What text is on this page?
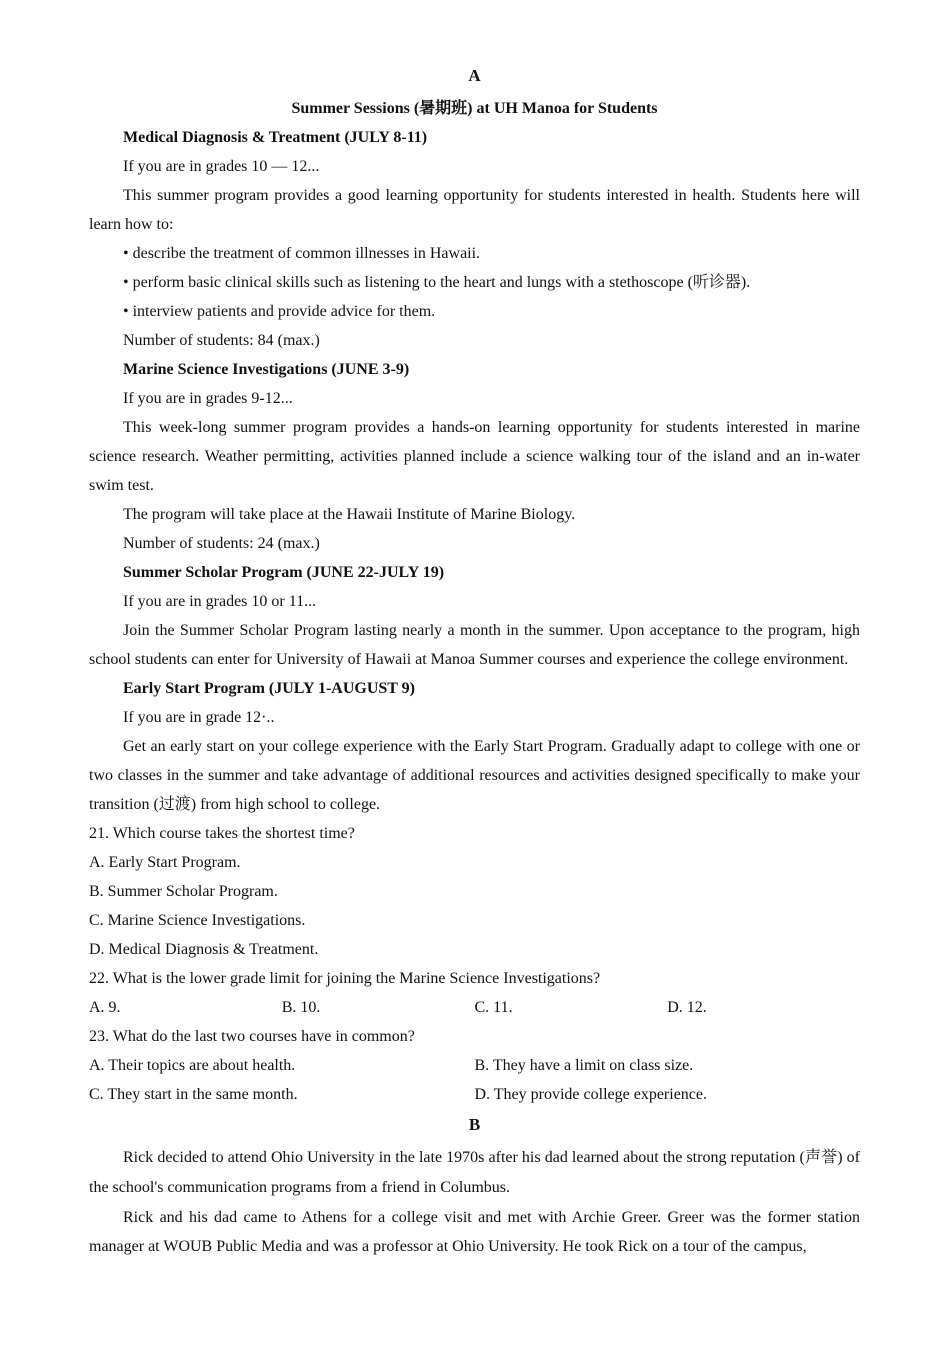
A

Summer Sessions (暑期班) at UH Manoa for Students

Medical Diagnosis & Treatment (JULY 8-11)

If you are in grades 10 — 12...

This summer program provides a good learning opportunity for students interested in health. Students here will learn how to:

• describe the treatment of common illnesses in Hawaii.

• perform basic clinical skills such as listening to the heart and lungs with a stethoscope (听诊器).

• interview patients and provide advice for them.

Number of students: 84 (max.)

Marine Science Investigations (JUNE 3-9)

If you are in grades 9-12...

This week-long summer program provides a hands-on learning opportunity for students interested in marine science research. Weather permitting, activities planned include a science walking tour of the island and an in-water swim test.

The program will take place at the Hawaii Institute of Marine Biology.

Number of students: 24 (max.)

Summer Scholar Program (JUNE 22-JULY 19)

If you are in grades 10 or 11...

Join the Summer Scholar Program lasting nearly a month in the summer. Upon acceptance to the program, high school students can enter for University of Hawaii at Manoa Summer courses and experience the college environment.

Early Start Program (JULY 1-AUGUST 9)

If you are in grade 12·..

Get an early start on your college experience with the Early Start Program. Gradually adapt to college with one or two classes in the summer and take advantage of additional resources and activities designed specifically to make your transition (过渡) from high school to college.

21. Which course takes the shortest time?

A. Early Start Program.

B. Summer Scholar Program.

C. Marine Science Investigations.

D. Medical Diagnosis & Treatment.

22. What is the lower grade limit for joining the Marine Science Investigations?

A. 9.	B. 10.	C. 11.	D. 12.

23. What do the last two courses have in common?

A. Their topics are about health.	B. They have a limit on class size.
C. They start in the same month.	D. They provide college experience.
B

Rick decided to attend Ohio University in the late 1970s after his dad learned about the strong reputation (声誉) of the school's communication programs from a friend in Columbus.

Rick and his dad came to Athens for a college visit and met with Archie Greer. Greer was the former station manager at WOUB Public Media and was a professor at Ohio University. He took Rick on a tour of the campus,
